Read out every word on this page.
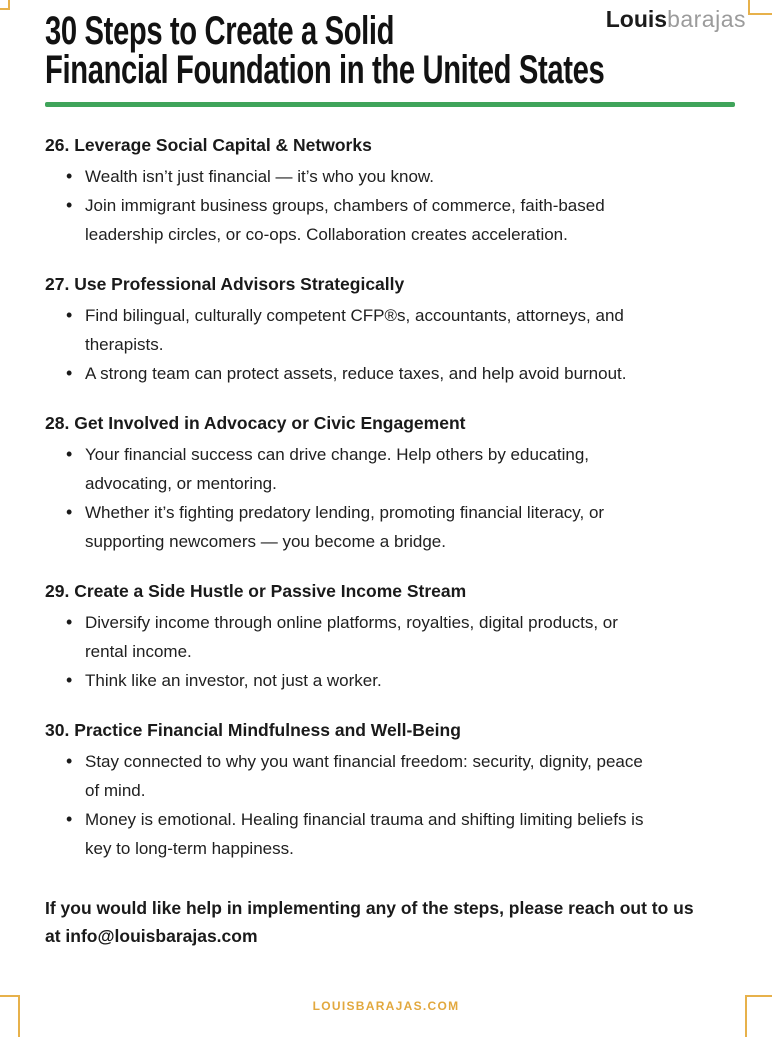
30 Steps to Create a Solid
Financial Foundation in the United States
Louisbarajas
26. Leverage Social Capital & Networks
• Wealth isn’t just financial — it’s who you know.
• Join immigrant business groups, chambers of commerce, faith-based
leadership circles, or co-ops. Collaboration creates acceleration.
27. Use Professional Advisors Strategically
• Find bilingual, culturally competent CFP®s, accountants, attorneys, and
therapists.
• A strong team can protect assets, reduce taxes, and help avoid burnout.
28. Get Involved in Advocacy or Civic Engagement
• Your financial success can drive change. Help others by educating,
advocating, or mentoring.
• Whether it’s fighting predatory lending, promoting financial literacy, or
supporting newcomers — you become a bridge.
29. Create a Side Hustle or Passive Income Stream
• Diversify income through online platforms, royalties, digital products, or
rental income.
• Think like an investor, not just a worker.
30. Practice Financial Mindfulness and Well-Being
• Stay connected to why you want financial freedom: security, dignity, peace
of mind.
• Money is emotional. Healing financial trauma and shifting limiting beliefs is
key to long-term happiness.
If you would like help in implementing any of the steps, please reach out to us
at info@louisbarajas.com
LOUISBARAJAS.COM
